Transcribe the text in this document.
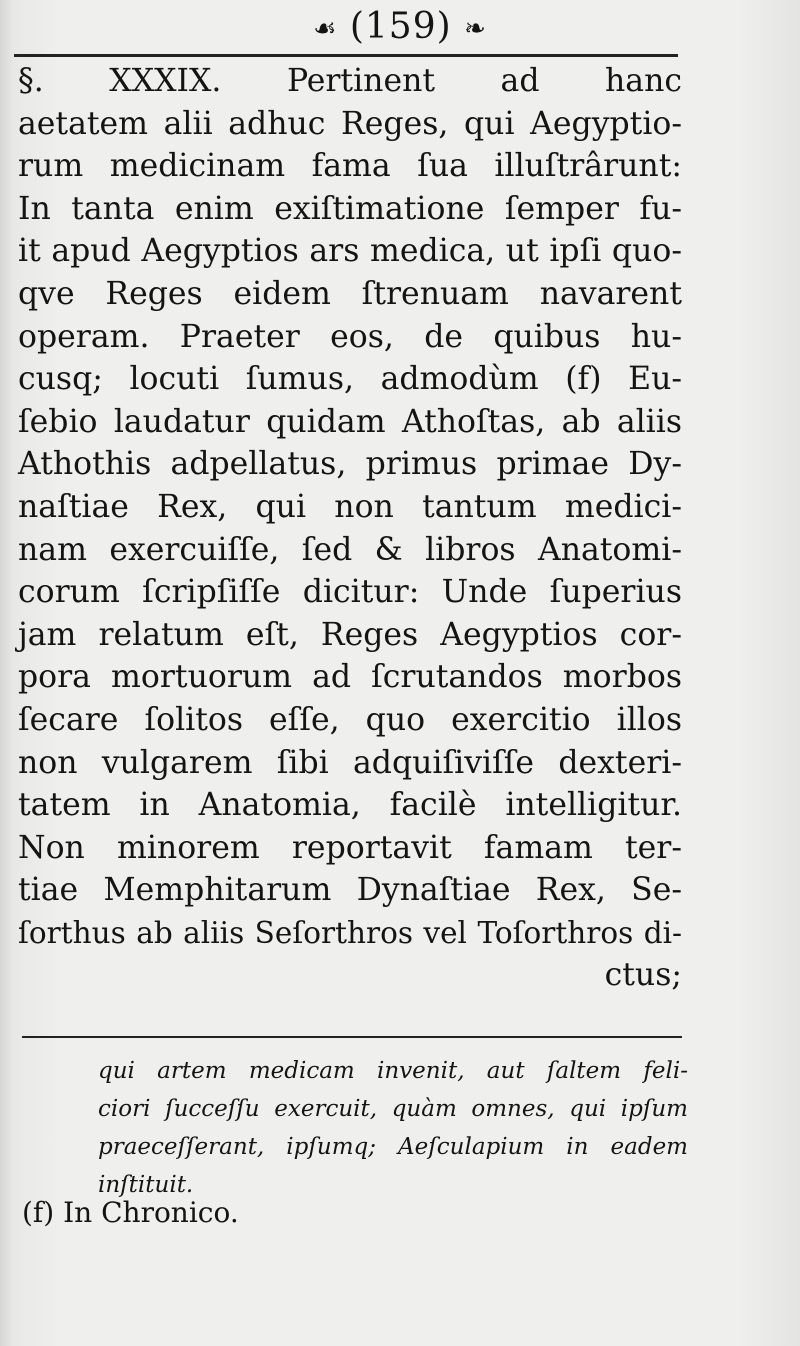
☙ (159) ❧
§. XXXIX. Pertinent ad hanc
aetatem alii adhuc Reges, qui Aegyptio-
rum medicinam fama ſua illuſtrârunt:
In tanta enim exiſtimatione ſemper fu-
it apud Aegyptios ars medica, ut ipſi quo-
qve Reges eidem ſtrenuam navarent
operam. Praeter eos, de quibus hu-
cusq; locuti ſumus, admodùm (f) Eu-
ſebio laudatur quidam Athoſtas, ab aliis
Athothis adpellatus, primus primae Dy-
naſtiae Rex, qui non tantum medici-
nam exercuiſſe, ſed & libros Anatomi-
corum ſcripſiſſe dicitur: Unde ſuperius
jam relatum eſt, Reges Aegyptios cor-
pora mortuorum ad ſcrutandos morbos
ſecare ſolitos eſſe, quo exercitio illos
non vulgarem ſibi adquiſiviſſe dexteri-
tatem in Anatomia, facilè intelligitur.
Non minorem reportavit famam ter-
tiae Memphitarum Dynaſtiae Rex, Se-
ſorthus ab aliis Seſorthros vel Toſorthros di-
ctus;
qui artem medicam invenit, aut ſaltem feli-
ciori ſucceſſu exercuit, quàm omnes, qui ipſum
praeceſſerant, ipſumq; Aeſculapium in eadem
inſtituit.
(f) In Chronico.
